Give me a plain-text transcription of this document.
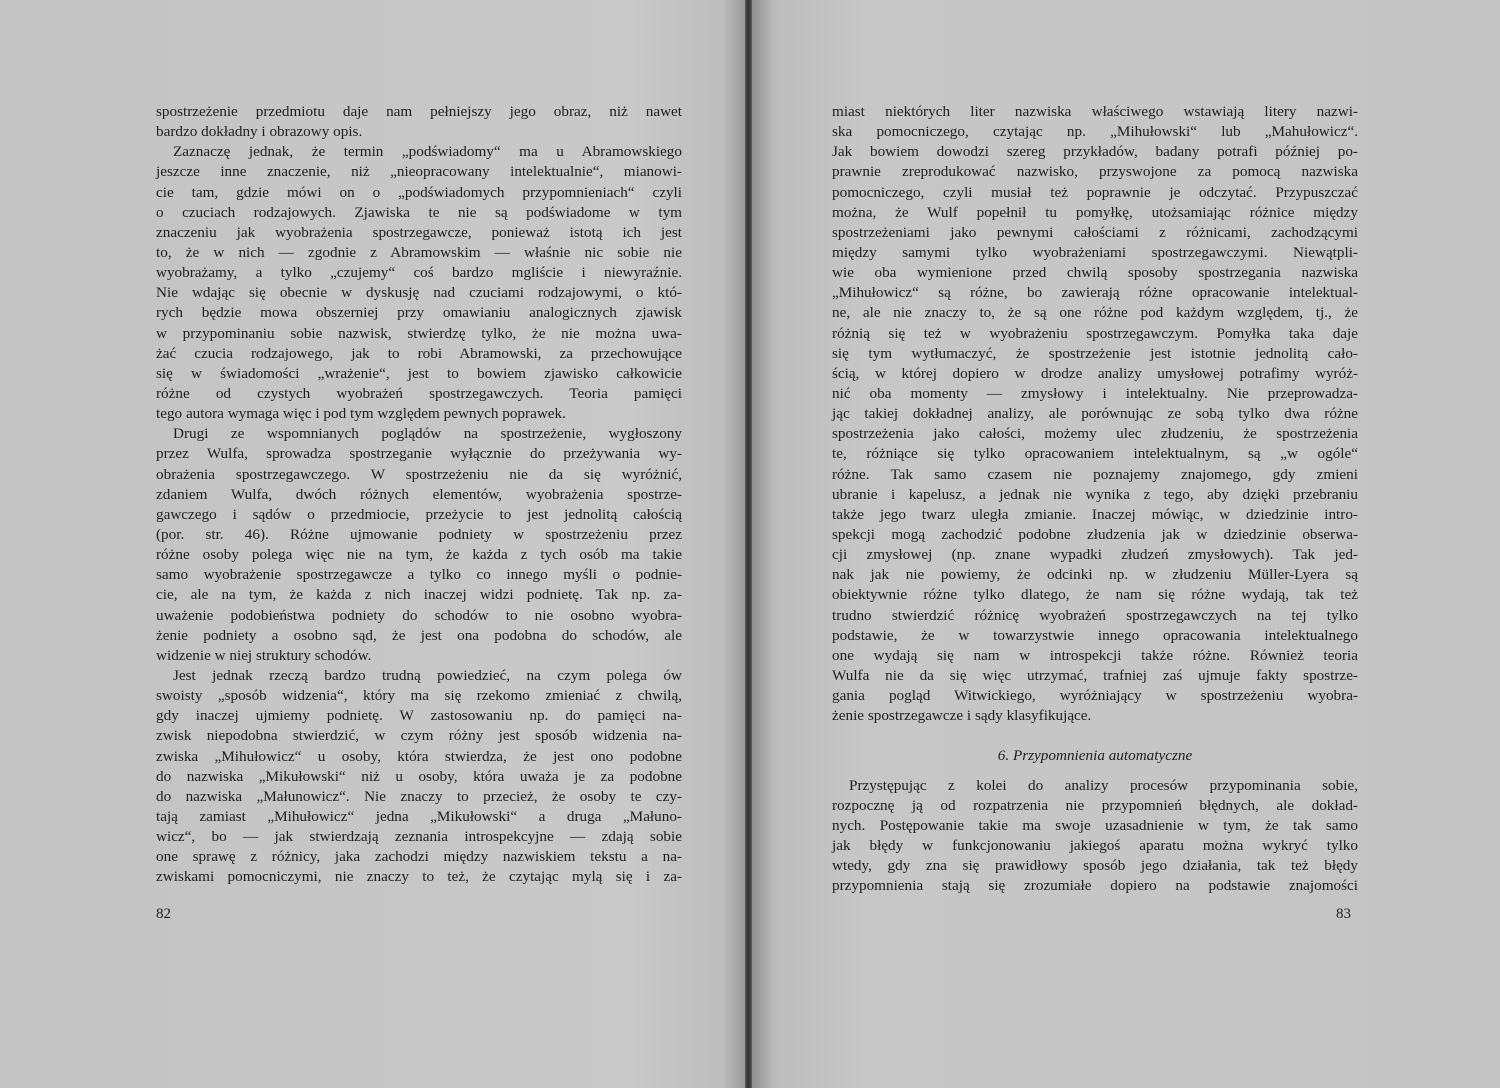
spostrzeżenie przedmiotu daje nam pełniejszy jego obraz, niż nawet
bardzo dokładny i obrazowy opis.
Zaznaczę jednak, że termin „podświadomy“ ma u Abramowskiego
jeszcze inne znaczenie, niż „nieopracowany intelektualnie“, mianowi-
cie tam, gdzie mówi on o „podświadomych przypomnieniach“ czyli
o czuciach rodzajowych. Zjawiska te nie są podświadome w tym
znaczeniu jak wyobrażenia spostrzegawcze, ponieważ istotą ich jest
to, że w nich — zgodnie z Abramowskim — właśnie nic sobie nie
wyobrażamy, a tylko „czujemy“ coś bardzo mgliście i niewyraźnie.
Nie wdając się obecnie w dyskusję nad czuciami rodzajowymi, o któ-
rych będzie mowa obszerniej przy omawianiu analogicznych zjawisk
w przypominaniu sobie nazwisk, stwierdzę tylko, że nie można uwa-
żać czucia rodzajowego, jak to robi Abramowski, za przechowujące
się w świadomości „wrażenie“, jest to bowiem zjawisko całkowicie
różne od czystych wyobrażeń spostrzegawczych. Teoria pamięci
tego autora wymaga więc i pod tym względem pewnych poprawek.
Drugi ze wspomnianych poglądów na spostrzeżenie, wygłoszony
przez Wulfa, sprowadza spostrzeganie wyłącznie do przeżywania wy-
obrażenia spostrzegawczego. W spostrzeżeniu nie da się wyróżnić,
zdaniem Wulfa, dwóch różnych elementów, wyobrażenia spostrze-
gawczego i sądów o przedmiocie, przeżycie to jest jednolitą całością
(por. str. 46). Różne ujmowanie podniety w spostrzeżeniu przez
różne osoby polega więc nie na tym, że każda z tych osób ma takie
samo wyobrażenie spostrzegawcze a tylko co innego myśli o podnie-
cie, ale na tym, że każda z nich inaczej widzi podnietę. Tak np. za-
uważenie podobieństwa podniety do schodów to nie osobno wyobra-
żenie podniety a osobno sąd, że jest ona podobna do schodów, ale
widzenie w niej struktury schodów.
Jest jednak rzeczą bardzo trudną powiedzieć, na czym polega ów
swoisty „sposób widzenia“, który ma się rzekomo zmieniać z chwilą,
gdy inaczej ujmiemy podnietę. W zastosowaniu np. do pamięci na-
zwisk niepodobna stwierdzić, w czym różny jest sposób widzenia na-
zwiska „Mihułowicz“ u osoby, która stwierdza, że jest ono podobne
do nazwiska „Mikułowski“ niż u osoby, która uważa je za podobne
do nazwiska „Małunowicz“. Nie znaczy to przecież, że osoby te czy-
tają zamiast „Mihułowicz“ jedna „Mikułowski“ a druga „Małuno-
wicz“, bo — jak stwierdzają zeznania introspekcyjne — zdają sobie
one sprawę z różnicy, jaka zachodzi między nazwiskiem tekstu a na-
zwiskami pomocniczymi, nie znaczy to też, że czytając mylą się i za-
82
miast niektórych liter nazwiska właściwego wstawiają litery nazwi-
ska pomocniczego, czytając np. „Mihułowski“ lub „Mahułowicz“.
Jak bowiem dowodzi szereg przykładów, badany potrafi później po-
prawnie zreprodukować nazwisko, przyswojone za pomocą nazwiska
pomocniczego, czyli musiał też poprawnie je odczytać. Przypuszczać
można, że Wulf popełnił tu pomyłkę, utożsamiając różnice między
spostrzeżeniami jako pewnymi całościami z różnicami, zachodzącymi
między samymi tylko wyobrażeniami spostrzegawczymi. Niewątpli-
wie oba wymienione przed chwilą sposoby spostrzegania nazwiska
„Mihułowicz“ są różne, bo zawierają różne opracowanie intelektual-
ne, ale nie znaczy to, że są one różne pod każdym względem, tj., że
różnią się też w wyobrażeniu spostrzegawczym. Pomyłka taka daje
się tym wytłumaczyć, że spostrzeżenie jest istotnie jednolitą cało-
ścią, w której dopiero w drodze analizy umysłowej potrafimy wyróż-
nić oba momenty — zmysłowy i intelektualny. Nie przeprowadza-
jąc takiej dokładnej analizy, ale porównując ze sobą tylko dwa różne
spostrzeżenia jako całości, możemy ulec złudzeniu, że spostrzeżenia
te, różniące się tylko opracowaniem intelektualnym, są „w ogóle“
różne. Tak samo czasem nie poznajemy znajomego, gdy zmieni
ubranie i kapelusz, a jednak nie wynika z tego, aby dzięki przebraniu
także jego twarz uległa zmianie. Inaczej mówiąc, w dziedzinie intro-
spekcji mogą zachodzić podobne złudzenia jak w dziedzinie obserwa-
cji zmysłowej (np. znane wypadki złudzeń zmysłowych). Tak jed-
nak jak nie powiemy, że odcinki np. w złudzeniu Müller-Lyera są
obiektywnie różne tylko dlatego, że nam się różne wydają, tak też
trudno stwierdzić różnicę wyobrażeń spostrzegawczych na tej tylko
podstawie, że w towarzystwie innego opracowania intelektualnego
one wydają się nam w introspekcji także różne. Również teoria
Wulfa nie da się więc utrzymać, trafniej zaś ujmuje fakty spostrze-
gania pogląd Witwickiego, wyróżniający w spostrzeżeniu wyobra-
żenie spostrzegawcze i sądy klasyfikujące.
6. Przypomnienia automatyczne
Przystępując z kolei do analizy procesów przypominania sobie,
rozpocznę ją od rozpatrzenia nie przypomnień błędnych, ale dokład-
nych. Postępowanie takie ma swoje uzasadnienie w tym, że tak samo
jak błędy w funkcjonowaniu jakiegoś aparatu można wykryć tylko
wtedy, gdy zna się prawidłowy sposób jego działania, tak też błędy
przypomnienia stają się zrozumiałe dopiero na podstawie znajomości
83
